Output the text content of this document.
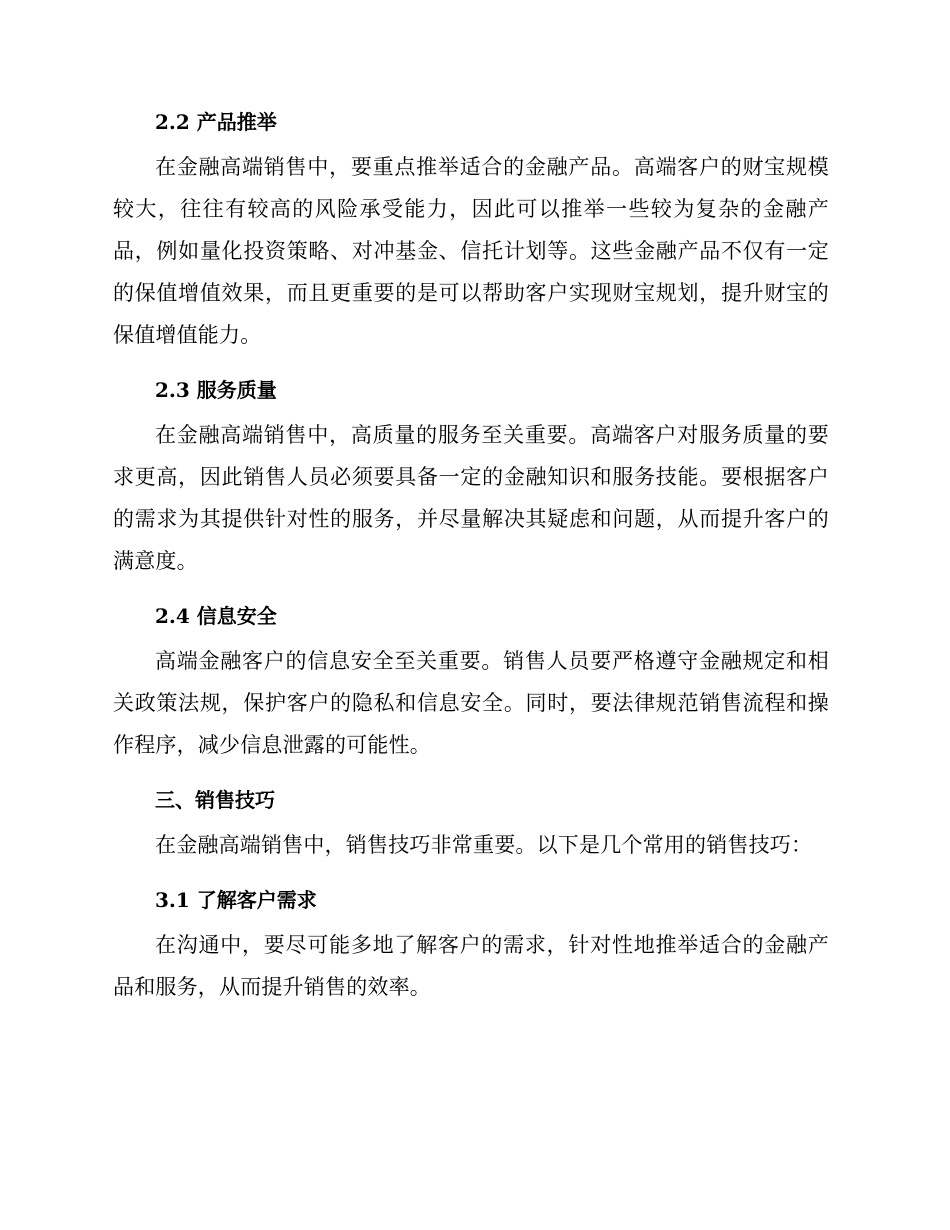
2.2 产品推举

在金融高端销售中，要重点推举适合的金融产品。高端客户的财宝规模较大，往往有较高的风险承受能力，因此可以推举一些较为复杂的金融产品，例如量化投资策略、对冲基金、信托计划等。这些金融产品不仅有一定的保值增值效果，而且更重要的是可以帮助客户实现财宝规划，提升财宝的保值增值能力。

2.3 服务质量

在金融高端销售中，高质量的服务至关重要。高端客户对服务质量的要求更高，因此销售人员必须要具备一定的金融知识和服务技能。要根据客户的需求为其提供针对性的服务，并尽量解决其疑虑和问题，从而提升客户的满意度。

2.4 信息安全

高端金融客户的信息安全至关重要。销售人员要严格遵守金融规定和相关政策法规，保护客户的隐私和信息安全。同时，要法律规范销售流程和操作程序，减少信息泄露的可能性。

三、销售技巧

在金融高端销售中，销售技巧非常重要。以下是几个常用的销售技巧：

3.1 了解客户需求

在沟通中，要尽可能多地了解客户的需求，针对性地推举适合的金融产品和服务，从而提升销售的效率。
